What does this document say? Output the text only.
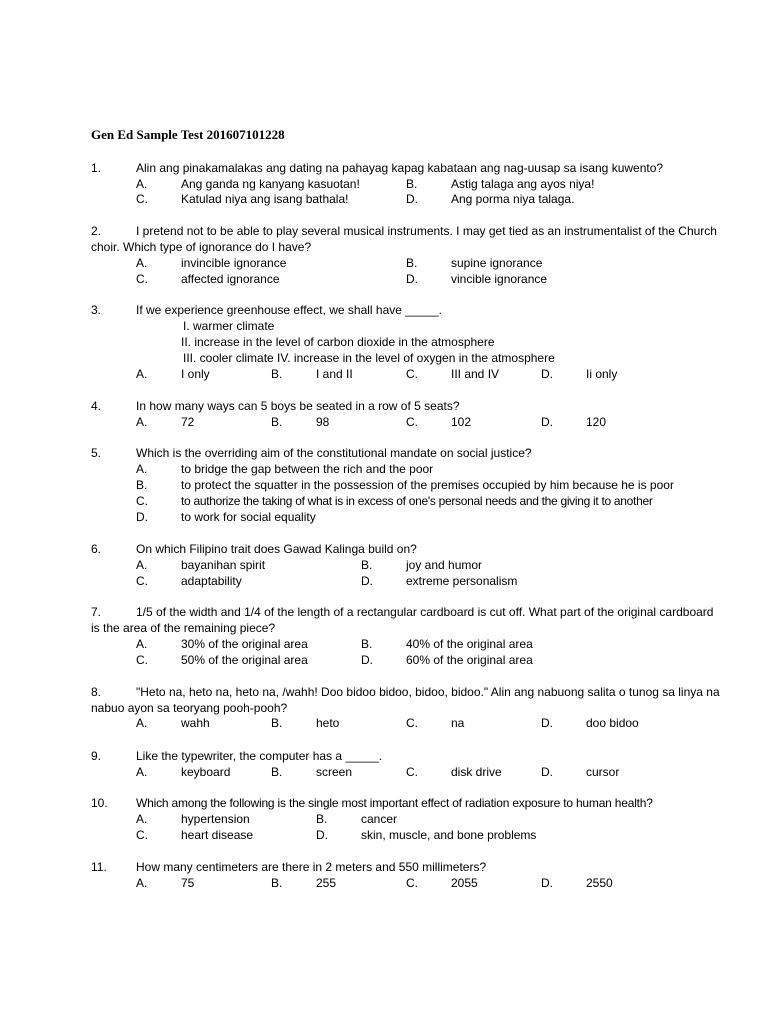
Gen Ed Sample Test 201607101228
1.	Alin ang pinakamalakas ang dating na pahayag kapag kabataan ang nag-uusap sa isang kuwento?
A.	Ang ganda ng kanyang kasuotan!	B.	Astig talaga ang ayos niya!
C.	Katulad niya ang isang bathala!	D.	Ang porma niya talaga.
2.	I pretend not to be able to play several musical instruments. I may get tied as an instrumentalist of the Church choir. Which type of ignorance do I have?
A.	invincible ignorance	B.	supine ignorance
C.	affected ignorance	D.	vincible ignorance
3.	If we experience greenhouse effect, we shall have _____.
I. warmer climate
II. increase in the level of carbon dioxide in the atmosphere
III. cooler climate IV. increase in the level of oxygen in the atmosphere
A.	I only	B.	I and II	C.	III and IV	D.	Ii only
4.	In how many ways can 5 boys be seated in a row of 5 seats?
A.	72	B.	98	C.	102	D.	120
5.	Which is the overriding aim of the constitutional mandate on social justice?
A.	to bridge the gap between the rich and the poor
B.	to protect the squatter in the possession of the premises occupied by him because he is poor
C.	to authorize the taking of what is in excess of one's personal needs and the giving it to another
D.	to work for social equality
6.	On which Filipino trait does Gawad Kalinga build on?
A.	bayanihan spirit	B.	joy and humor
C.	adaptability	D.	extreme personalism
7.	1/5 of the width and 1/4 of the length of a rectangular cardboard is cut off. What part of the original cardboard is the area of the remaining piece?
A.	30% of the original area	B.	40% of the original area
C.	50% of the original area	D.	60% of the original area
8.	"Heto na, heto na, heto na, /wahh! Doo bidoo bidoo, bidoo, bidoo." Alin ang nabuong salita o tunog sa linya na nabuo ayon sa teoryang pooh-pooh?
A.	wahh	B.	heto	C.	na	D.	doo bidoo
9.	Like the typewriter, the computer has a _____.
A.	keyboard	B.	screen	C.	disk drive	D.	cursor
10. Which among the following is the single most important effect of radiation exposure to human health?
A.	hypertension	B.	cancer
C.	heart disease	D.	skin, muscle, and bone problems
11. How many centimeters are there in 2 meters and 550 millimeters?
A.	75	B.	255	C.	2055	D.	2550
